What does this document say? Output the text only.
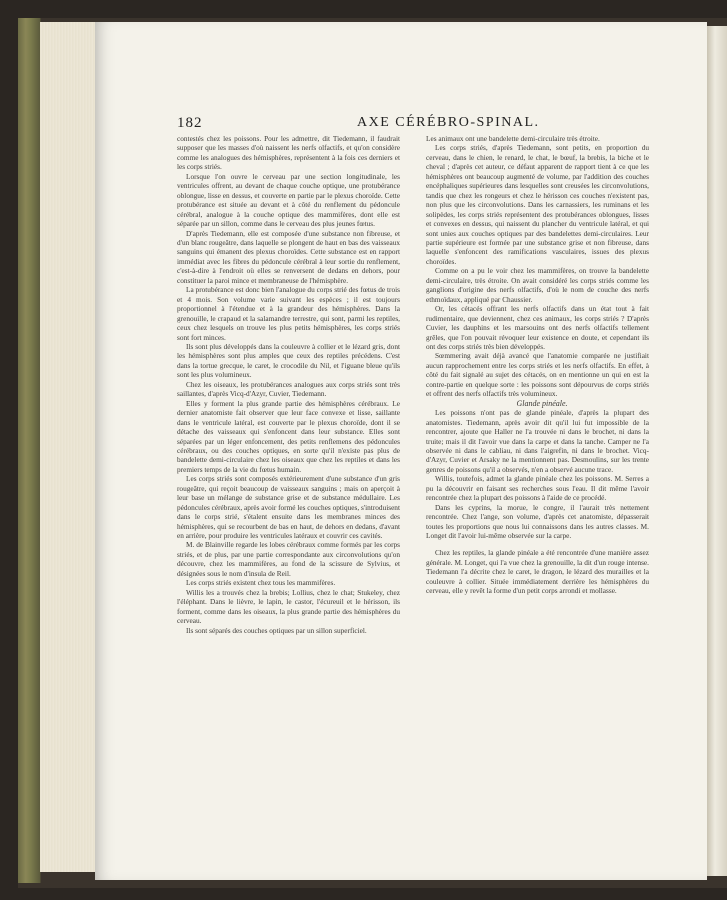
182	AXE CÉRÉBRO-SPINAL.

contestés chez les poissons. Pour les admettre, dit Tiedemann, il faudrait supposer que les masses d'où naissent les nerfs olfactifs, et qu'on considère comme les analogues des hémisphères, représentent à la fois ces derniers et les corps striés.

Lorsque l'on ouvre le cerveau par une section longitudinale, les ventricules offrent, au devant de chaque couche optique, une protubérance oblongue, lisse en dessus, et couverte en partie par le plexus choroïde. Cette protubérance est située au devant et à côté du renflement du pédoncule cérébral, analogue à la couche optique des mammifères, dont elle est séparée par un sillon, comme dans le cerveau des plus jeunes fœtus.

D'après Tiedemann, elle est composée d'une substance non fibreuse, et d'un blanc rougeâtre, dans laquelle se plongent de haut en bas des vaisseaux sanguins qui émanent des plexus choroïdes. Cette substance est en rapport immédiat avec les fibres du pédoncule cérébral à leur sortie du renflement, c'est-à-dire à l'endroit où elles se renversent de dedans en dehors, pour constituer la paroi mince et membraneuse de l'hémisphère.

La protubérance est donc bien l'analogue du corps strié des fœtus de trois et 4 mois. Son volume varie suivant les espèces ; il est toujours proportionnel à l'étendue et à la grandeur des hémisphères. Dans la grenouille, le crapaud et la salamandre terrestre, qui sont, parmi les reptiles, ceux chez lesquels on trouve les plus petits hémisphères, les corps striés sont fort minces.

Ils sont plus développés dans la couleuvre à collier et le lézard gris, dont les hémisphères sont plus amples que ceux des reptiles précédens. C'est dans la tortue grecque, le caret, le crocodile du Nil, et l'iguane bleue qu'ils sont les plus volumineux.

Chez les oiseaux, les protubérances analogues aux corps striés sont très saillantes, d'après Vicq-d'Azyr, Cuvier, Tiedemann.

Elles y forment la plus grande partie des hémisphères cérébraux. Le dernier anatomiste fait observer que leur face convexe et lisse, saillante dans le ventricule latéral, est couverte par le plexus choroïde, dont il se détache des vaisseaux qui s'enfoncent dans leur substance. Elles sont séparées par un léger enfoncement, des petits renflemens des pédoncules cérébraux, ou des couches optiques, en sorte qu'il n'existe pas plus de bandelette demi-circulaire chez les oiseaux que chez les reptiles et dans les premiers temps de la vie du fœtus humain.

Les corps striés sont composés extérieurement d'une substance d'un gris rougeâtre, qui reçoit beaucoup de vaisseaux sanguins ; mais on aperçoit à leur base un mélange de substance grise et de substance médullaire. Les pédoncules cérébraux, après avoir formé les couches optiques, s'introduisent dans le corps strié, s'étalent ensuite dans les membranes minces des hémisphères, qui se recourbent de bas en haut, de dehors en dedans, d'avant en arrière, pour produire les ventricules latéraux et couvrir ces cavités.

M. de Blainville regarde les lobes cérébraux comme formés par les corps striés, et de plus, par une partie correspondante aux circonvolutions qu'on découvre, chez les mammifères, au fond de la scissure de Sylvius, et désignées sous le nom d'insula de Reil.

Les corps striés existent chez tous les mammifères.

Willis les a trouvés chez la brebis; Lollius, chez le chat; Stukeley, chez l'éléphant. Dans le lièvre, le lapin, le castor, l'écureuil et le hérisson, ils forment, comme dans les oiseaux, la plus grande partie des hémisphères du cerveau.

Ils sont séparés des couches optiques par un sillon superficiel.

Les animaux ont une bandelette demi-circulaire très étroite.

Les corps striés, d'après Tiedemann, sont petits, en proportion du cerveau, dans le chien, le renard, le chat, le bœuf, la brebis, la biche et le cheval ; d'après cet auteur, ce défaut apparent de rapport tient à ce que les hémisphères ont beaucoup augmenté de volume, par l'addition des couches encéphaliques supérieures dans lesquelles sont creusées les circonvolutions, tandis que chez les rongeurs et chez le hérisson ces couches n'existent pas, non plus que les circonvolutions. Dans les carnassiers, les ruminans et les solipèdes, les corps striés représentent des protubérances oblongues, lisses et convexes en dessus, qui naissent du plancher du ventricule latéral, et qui sont unies aux couches optiques par des bandelettes demi-circulaires. Leur partie supérieure est formée par une substance grise et non fibreuse, dans laquelle s'enfoncent des ramifications vasculaires, issues des plexus choroïdes.

Comme on a pu le voir chez les mammifères, on trouve la bandelette demi-circulaire, très étroite. On avait considéré les corps striés comme les ganglions d'origine des nerfs olfactifs, d'où le nom de couche des nerfs ethmoïdaux, appliqué par Chaussier.

Or, les cétacés offrant les nerfs olfactifs dans un état tout à fait rudimentaire, que deviennent, chez ces animaux, les corps striés ? D'après Cuvier, les dauphins et les marsouins ont des nerfs olfactifs tellement grêles, que l'on pouvait révoquer leur existence en doute, et cependant ils ont des corps striés très bien développés.

Sœmmering avait déjà avancé que l'anatomie comparée ne justifiait aucun rapprochement entre les corps striés et les nerfs olfactifs. En effet, à côté du fait signalé au sujet des cétacés, on en mentionne un qui en est la contre-partie en quelque sorte : les poissons sont dépourvus de corps striés et offrent des nerfs olfactifs très volumineux.

Glande pinéale.

Les poissons n'ont pas de glande pinéale, d'après la plupart des anatomistes. Tiedemann, après avoir dit qu'il lui fut impossible de la rencontrer, ajoute que Haller ne l'a trouvée ni dans le brochet, ni dans la truite; mais il dit l'avoir vue dans la carpe et dans la tanche. Camper ne l'a observée ni dans le cabliau, ni dans l'aigrefin, ni dans le brochet. Vicq-d'Azyr, Cuvier et Arsaky ne la mentionnent pas. Desmoulins, sur les trente genres de poissons qu'il a observés, n'en a observé aucune trace.

Willis, toutefois, admet la glande pinéale chez les poissons. M. Serres a pu la découvrir en faisant ses recherches sous l'eau. Il dit même l'avoir rencontrée chez la plupart des poissons à l'aide de ce procédé.

Dans les cyprins, la morue, le congre, il l'aurait très nettement rencontrée. Chez l'ange, son volume, d'après cet anatomiste, dépasserait toutes les proportions que nous lui connaissons dans les autres classes. M. Longet dit l'avoir lui-même observée sur la carpe.

Chez les reptiles, la glande pinéale a été rencontrée d'une manière assez générale. M. Longet, qui l'a vue chez la grenouille, la dit d'un rouge intense. Tiedemann l'a décrite chez le caret, le dragon, le lézard des murailles et la couleuvre à collier. Située immédiatement derrière les hémisphères du cerveau, elle y revêt la forme d'un petit corps arrondi et mollasse.
